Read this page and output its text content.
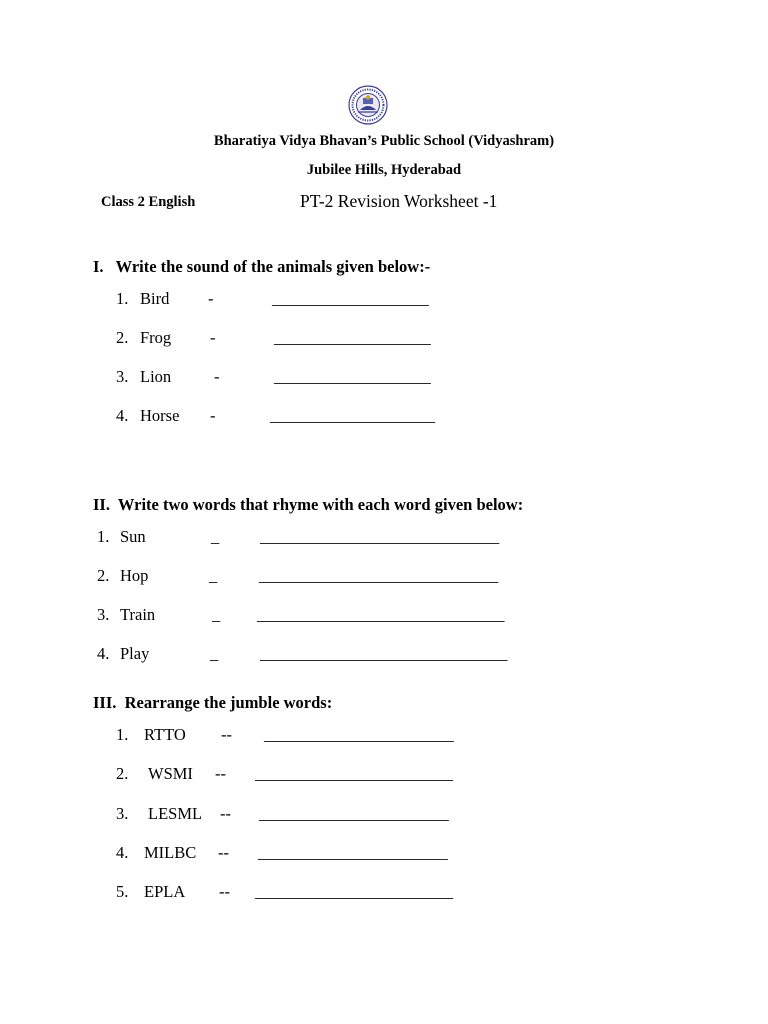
Bharatiya Vidya Bhavan’s Public School (Vidyashram)
Jubilee Hills, Hyderabad
Class 2 English	PT-2 Revision Worksheet -1
I.   Write the sound of the animals given below:-
1. Bird -	___________________
2. Frog -	___________________
3. Lion	-	___________________
4. Horse -	____________________
II.  Write two words that rhyme with each word given below:
1. Sun	_ _____________________________
2. Hop	_	_____________________________
3. Train	_ ______________________________
4. Play	_	______________________________
III.  Rearrange the jumble words:
1. RTTO -- _______________________
2. WSMI -- ________________________
3. LESML -- _______________________
4. MILBC -- _______________________
5. EPLA -- ________________________
